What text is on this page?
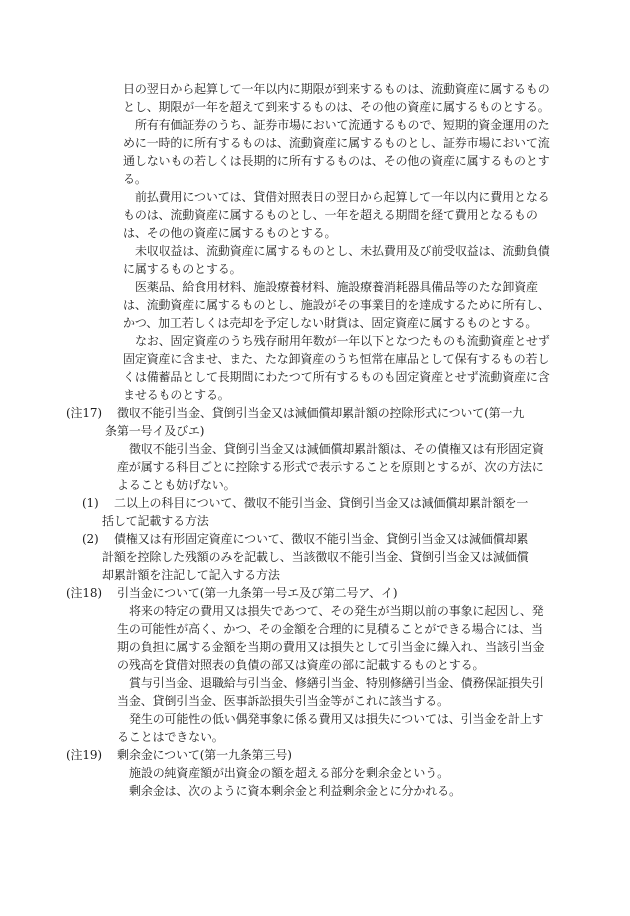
日の翌日から起算して一年以内に期限が到来するものは、流動資産に属するもの
とし、期限が一年を超えて到来するものは、その他の資産に属するものとする。
所有有価証券のうち、証券市場において流通するもので、短期的資金運用のた
めに一時的に所有するものは、流動資産に属するものとし、証券市場において流
通しないもの若しくは長期的に所有するものは、その他の資産に属するものとす
る。
前払費用については、貸借対照表日の翌日から起算して一年以内に費用となる
ものは、流動資産に属するものとし、一年を超える期間を経て費用となるもの
は、その他の資産に属するものとする。
未収収益は、流動資産に属するものとし、未払費用及び前受収益は、流動負債
に属するものとする。
医薬品、給食用材料、施設療養材料、施設療養消耗器具備品等のたな卸資産
は、流動資産に属するものとし、施設がその事業目的を達成するために所有し、
かつ、加工若しくは売却を予定しない財貨は、固定資産に属するものとする。
なお、固定資産のうち残存耐用年数が一年以下となつたものも流動資産とせず
固定資産に含ませ、また、たな卸資産のうち恒常在庫品として保有するもの若し
くは備蓄品として長期間にわたつて所有するものも固定資産とせず流動資産に含
ませるものとする。
(注17) 徴収不能引当金、貸倒引当金又は減価償却累計額の控除形式について(第一九
条第一号イ及びエ)
徴収不能引当金、貸倒引当金又は減価償却累計額は、その債権又は有形固定資
産が属する科目ごとに控除する形式で表示することを原則とするが、次の方法に
よることも妨げない。
(1) 二以上の科目について、徴収不能引当金、貸倒引当金又は減価償却累計額を一
括して記載する方法
(2) 債権又は有形固定資産について、徴収不能引当金、貸倒引当金又は減価償却累
計額を控除した残額のみを記載し、当該徴収不能引当金、貸倒引当金又は減価償
却累計額を注記して記入する方法
(注18) 引当金について(第一九条第一号エ及び第二号ア、イ)
将来の特定の費用又は損失であつて、その発生が当期以前の事象に起因し、発
生の可能性が高く、かつ、その金額を合理的に見積ることができる場合には、当
期の負担に属する金額を当期の費用又は損失として引当金に繰入れ、当該引当金
の残高を貸借対照表の負債の部又は資産の部に記載するものとする。
賞与引当金、退職給与引当金、修繕引当金、特別修繕引当金、債務保証損失引
当金、貸倒引当金、医事訴訟損失引当金等がこれに該当する。
発生の可能性の低い偶発事象に係る費用又は損失については、引当金を計上す
ることはできない。
(注19) 剰余金について(第一九条第三号)
施設の純資産額が出資金の額を超える部分を剰余金という。
剰余金は、次のように資本剰余金と利益剰余金とに分かれる。
